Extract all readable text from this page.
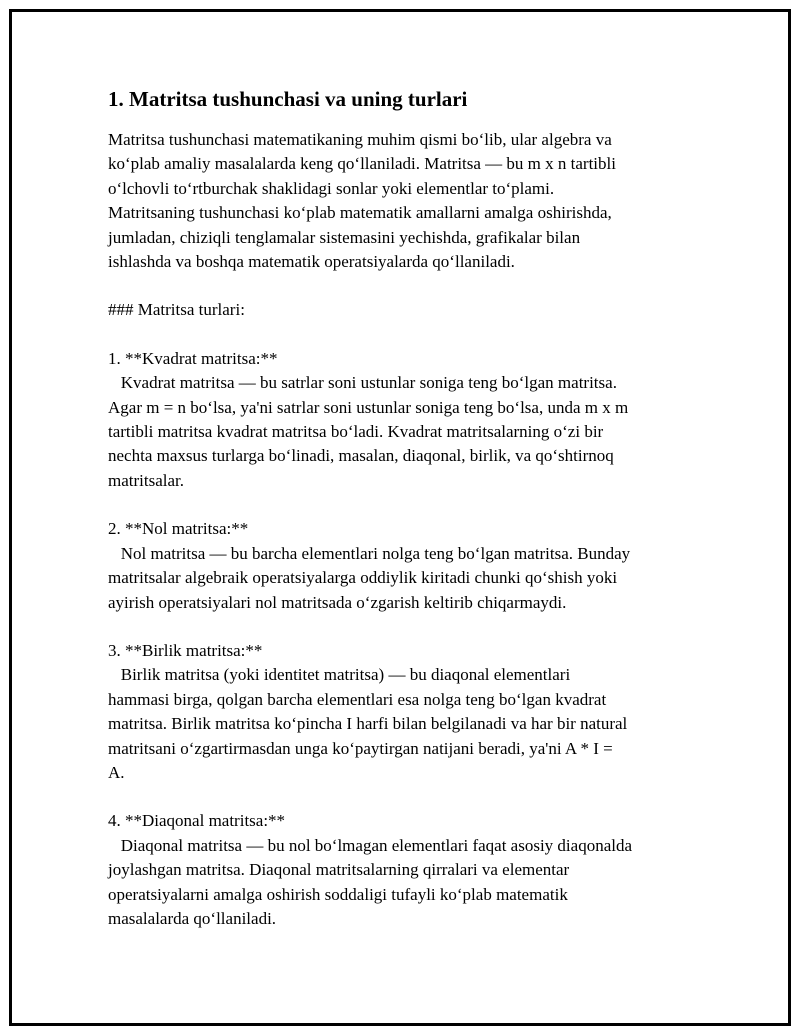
1. Matritsa tushunchasi va uning turlari

Matritsa tushunchasi matematikaning muhim qismi bo‘lib, ular algebra va
ko‘plab amaliy masalalarda keng qo‘llaniladi. Matritsa — bu m x n tartibli
o‘lchovli to‘rtburchak shaklidagi sonlar yoki elementlar to‘plami.
Matritsaning tushunchasi ko‘plab matematik amallarni amalga oshirishda,
jumladan, chiziqli tenglamalar sistemasini yechishda, grafikalar bilan
ishlashda va boshqa matematik operatsiyalarda qo‘llaniladi.

### Matritsa turlari:

1. **Kvadrat matritsa:**

Kvadrat matritsa — bu satrlar soni ustunlar soniga teng bo‘lgan matritsa.
Agar m = n bo‘lsa, ya'ni satrlar soni ustunlar soniga teng bo‘lsa, unda m x m
tartibli matritsa kvadrat matritsa bo‘ladi. Kvadrat matritsalarning o‘zi bir
nechta maxsus turlarga bo‘linadi, masalan, diaqonal, birlik, va qo‘shtirnoq
matritsalar.

2. **Nol matritsa:**

Nol matritsa — bu barcha elementlari nolga teng bo‘lgan matritsa. Bunday
matritsalar algebraik operatsiyalarga oddiylik kiritadi chunki qo‘shish yoki
ayirish operatsiyalari nol matritsada o‘zgarish keltirib chiqarmaydi.

3. **Birlik matritsa:**

Birlik matritsa (yoki identitet matritsa) — bu diaqonal elementlari
hammasi birga, qolgan barcha elementlari esa nolga teng bo‘lgan kvadrat
matritsa. Birlik matritsa ko‘pincha I harfi bilan belgilanadi va har bir natural
matritsani o‘zgartirmasdan unga ko‘paytirgan natijani beradi, ya'ni A * I =
A.

4. **Diaqonal matritsa:**

Diaqonal matritsa — bu nol bo‘lmagan elementlari faqat asosiy diaqonalda
joylashgan matritsa. Diaqonal matritsalarning qirralari va elementar
operatsiyalarni amalga oshirish soddaligi tufayli ko‘plab matematik
masalalarda qo‘llaniladi.
